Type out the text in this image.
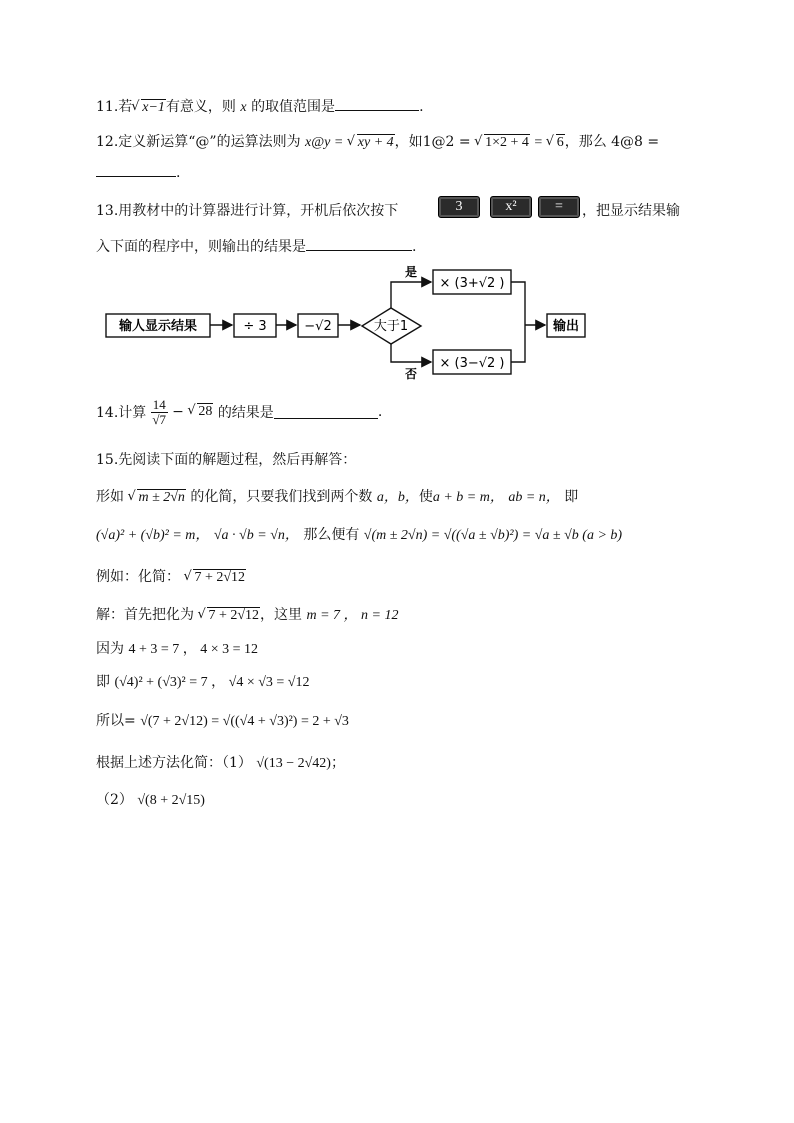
11.若 √ x−1有意义，则 x 的取值范围是	.
12.定义新运算“@”的运算法则为 x@y = √ xy + 4，如1@2 = √ 1×2 + 4 = √ 6，那么 4@8 =
.
13.用教材中的计算器进行计算，开机后依次按下	3	x²	=	，把显示结果输
入下面的程序中，则输出的结果是	.
输人显示结果	÷ 3	−√2	大于1
是
否
× (3+√2 )
× (3−√2 )
输出
14.计算 $\frac{14}{√7}$ − √ 28 的结果是	.
15.先阅读下面的解题过程，然后再解答：
形如 √ m ± 2√n 的化简，只要我们找到两个数 a，b，使a + b = m， ab = n， 即
(√a)² + (√b)² = m， √a · √b = √n， 那么便有 √(m ± 2√n) = √((√a ± √b)²) = √a ± √b (a > b)
例如：化简： √ 7 + 2√12
解：首先把化为 √ 7 + 2√12，这里 m = 7 ， n = 12
因为 4 + 3 = 7 ， 4 × 3 = 12
即 (√4)² + (√3)² = 7 ， √4 × √3 = √12
所以= √(7 + 2√12) = √((√4 + √3)²) = 2 + √3
根据上述方法化简：（1） √(13 − 2√42)；
（2） √(8 + 2√15)
